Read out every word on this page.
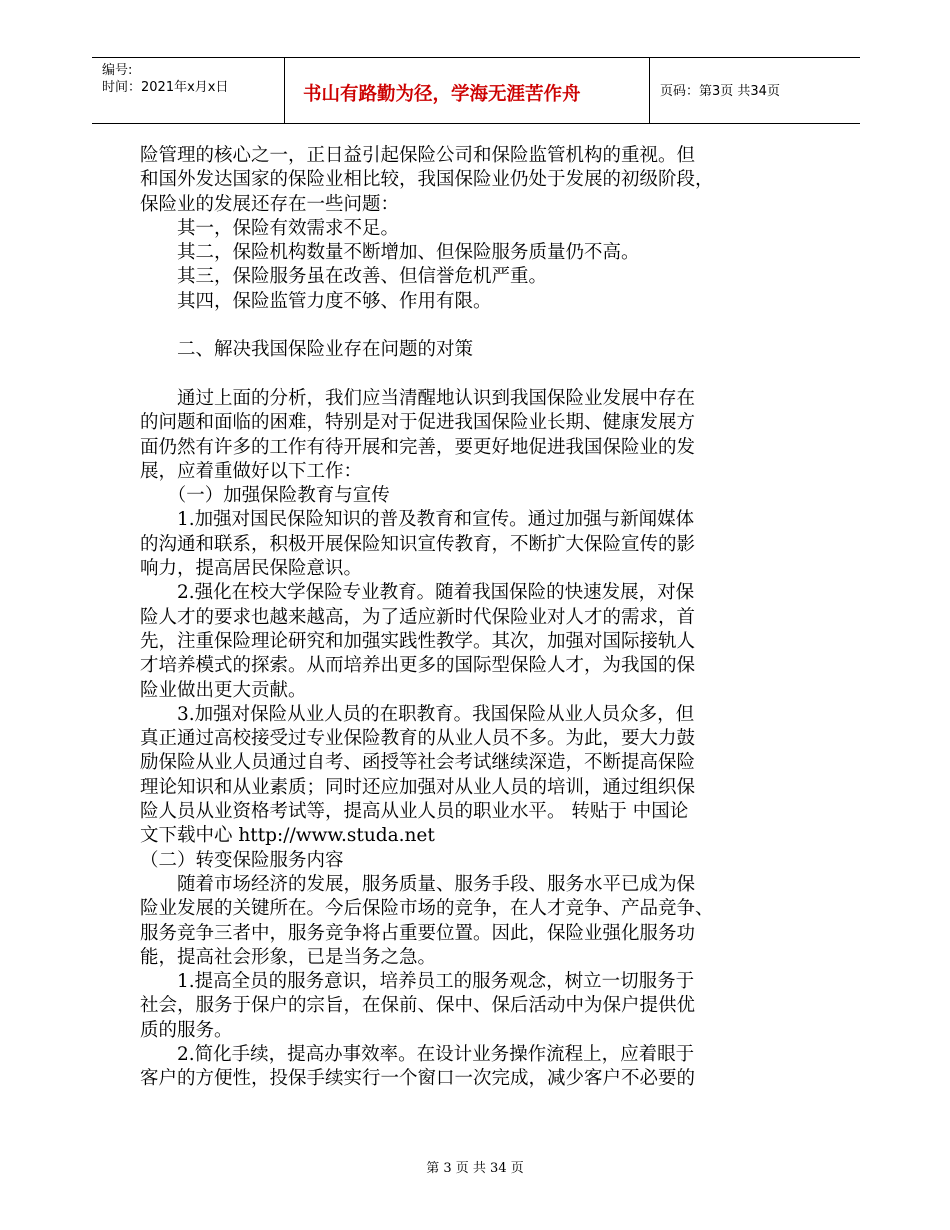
编号:
时间：2021年x月x日	书山有路勤为径，学海无涯苦作舟	页码：第3页 共34页

险管理的核心之一，正日益引起保险公司和保险监管机构的重视。但

和国外发达国家的保险业相比较，我国保险业仍处于发展的初级阶段，

保险业的发展还存在一些问题：

　　其一，保险有效需求不足。

　　其二，保险机构数量不断增加、但保险服务质量仍不高。

　　其三，保险服务虽在改善、但信誉危机严重。

　　其四，保险监管力度不够、作用有限。

　　二、解决我国保险业存在问题的对策

　　通过上面的分析，我们应当清醒地认识到我国保险业发展中存在

的问题和面临的困难，特别是对于促进我国保险业长期、健康发展方

面仍然有许多的工作有待开展和完善，要更好地促进我国保险业的发

展，应着重做好以下工作：

　　（一）加强保险教育与宣传

　　1.加强对国民保险知识的普及教育和宣传。通过加强与新闻媒体

的沟通和联系，积极开展保险知识宣传教育，不断扩大保险宣传的影

响力，提高居民保险意识。

　　2.强化在校大学保险专业教育。随着我国保险的快速发展，对保

险人才的要求也越来越高，为了适应新时代保险业对人才的需求，首

先，注重保险理论研究和加强实践性教学。其次，加强对国际接轨人

才培养模式的探索。从而培养出更多的国际型保险人才，为我国的保

险业做出更大贡献。

　　3.加强对保险从业人员的在职教育。我国保险从业人员众多，但

真正通过高校接受过专业保险教育的从业人员不多。为此，要大力鼓

励保险从业人员通过自考、函授等社会考试继续深造，不断提高保险

理论知识和从业素质；同时还应加强对从业人员的培训，通过组织保

险人员从业资格考试等，提高从业人员的职业水平。 转贴于 中国论

文下载中心 http://www.studa.net

（二）转变保险服务内容

　　随着市场经济的发展，服务质量、服务手段、服务水平已成为保

险业发展的关键所在。今后保险市场的竞争，在人才竞争、产品竞争、

服务竞争三者中，服务竞争将占重要位置。因此，保险业强化服务功

能，提高社会形象，已是当务之急。

　　1.提高全员的服务意识，培养员工的服务观念，树立一切服务于

社会，服务于保户的宗旨，在保前、保中、保后活动中为保户提供优

质的服务。

　　2.简化手续，提高办事效率。在设计业务操作流程上，应着眼于

客户的方便性，投保手续实行一个窗口一次完成，减少客户不必要的

第 3 页 共 34 页
